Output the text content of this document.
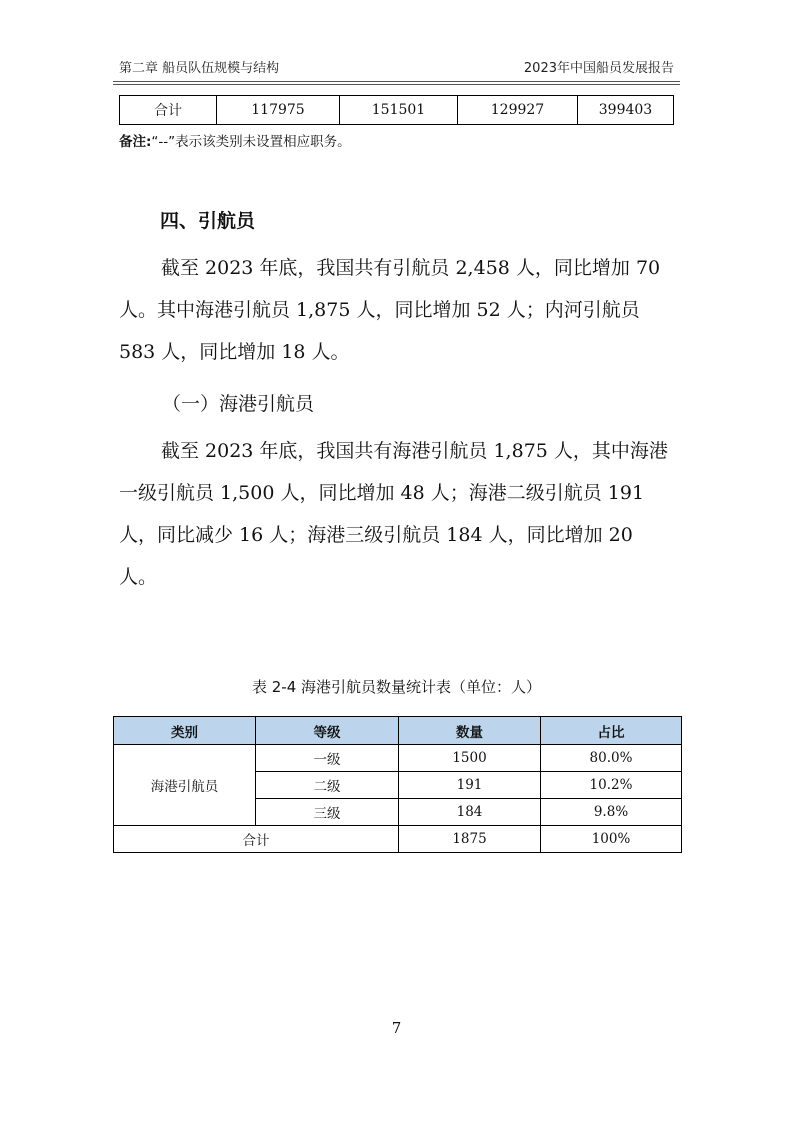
第二章 船员队伍规模与结构	2023年中国船员发展报告
合计	117975	151501	129927	399403
备注:“--”表示该类别未设置相应职务。
四、引航员
截至 2023 年底，我国共有引航员 2,458 人，同比增加 70 人。其中海港引航员 1,875 人，同比增加 52 人；内河引航员 583 人，同比增加 18 人。
（一）海港引航员
截至 2023 年底，我国共有海港引航员 1,875 人，其中海港一级引航员 1,500 人，同比增加 48 人；海港二级引航员 191 人，同比减少 16 人；海港三级引航员 184 人，同比增加 20 人。
表 2-4 海港引航员数量统计表（单位：人）
类别	等级	数量	占比
海港引航员	一级	1500	80.0%
	二级	191	10.2%
	三级	184	9.8%
合计		1875	100%
7
